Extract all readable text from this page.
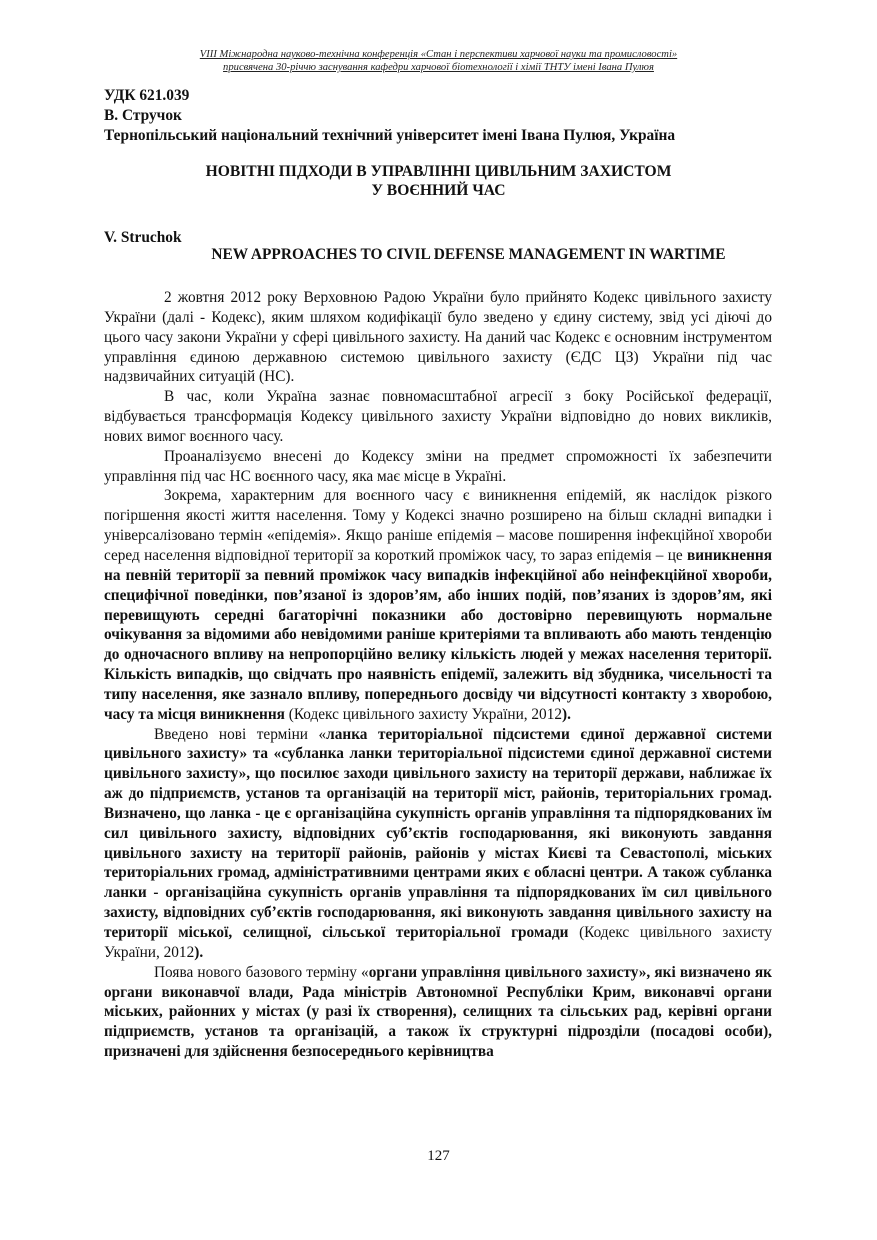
VIII Міжнародна науково-технічна конференція «Стан і перспективи харчової науки та промисловості»
присвячена 30-річчю заснування кафедри харчової біотехнології і хімії ТНТУ імені Івана Пулюя
УДК 621.039
В. Стручок
Тернопільський національний технічний університет імені Івана Пулюя, Україна
НОВІТНІ ПІДХОДИ В УПРАВЛІННІ ЦИВІЛЬНИМ ЗАХИСТОМ
У ВОЄННИЙ ЧАС
V. Struchok
NEW APPROACHES TO CIVIL DEFENSE MANAGEMENT IN WARTIME

2 жовтня 2012 року Верховною Радою України було прийнято Кодекс цивільного захисту України (далі - Кодекс), яким шляхом кодифікації було зведено у єдину систему, звід усі діючі до цього часу закони України у сфері цивільного захисту. На даний час Кодекс є основним інструментом управління єдиною державною системою цивільного захисту (ЄДС ЦЗ) України під час надзвичайних ситуацій (НС).

В час, коли Україна зазнає повномасштабної агресії з боку Російської федерації, відбувається трансформація Кодексу цивільного захисту України відповідно до нових викликів, нових вимог воєнного часу.

Проаналізуємо внесені до Кодексу зміни на предмет спроможності їх забезпечити управління під час НС воєнного часу, яка має місце в Україні.

Зокрема, характерним для воєнного часу є виникнення епідемій, як наслідок різкого погіршення якості життя населення. Тому у Кодексі значно розширено на більш складні випадки і універсалізовано термін «епідемія». Якщо раніше епідемія – масове поширення інфекційної хвороби серед населення відповідної території за короткий проміжок часу, то зараз епідемія – це виникнення на певній території за певний проміжок часу випадків інфекційної або неінфекційної хвороби, специфічної поведінки, пов’язаної із здоров’ям, або інших подій, пов’язаних із здоров’ям, які перевищують середні багаторічні показники або достовірно перевищують нормальне очікування за відомими або невідомими раніше критеріями та впливають або мають тенденцію до одночасного впливу на непропорційно велику кількість людей у межах населення території. Кількість випадків, що свідчать про наявність епідемії, залежить від збудника, чисельності та типу населення, яке зазнало впливу, попереднього досвіду чи відсутності контакту з хворобою, часу та місця виникнення (Кодекс цивільного захисту України, 2012).

Введено нові терміни «ланка територіальної підсистеми єдиної державної системи цивільного захисту» та «субланка ланки територіальної підсистеми єдиної державної системи цивільного захисту», що посилює заходи цивільного захисту на території держави, наближає їх аж до підприємств, установ та організацій на території міст, районів, територіальних громад. Визначено, що ланка - це є організаційна сукупність органів управління та підпорядкованих їм сил цивільного захисту, відповідних суб’єктів господарювання, які виконують завдання цивільного захисту на території районів, районів у містах Києві та Севастополі, міських територіальних громад, адміністративними центрами яких є обласні центри. А також субланка ланки - організаційна сукупність органів управління та підпорядкованих їм сил цивільного захисту, відповідних суб’єктів господарювання, які виконують завдання цивільного захисту на території міської, селищної, сільської територіальної громади (Кодекс цивільного захисту України, 2012).

Поява нового базового терміну «органи управління цивільного захисту», які визначено як органи виконавчої влади, Рада міністрів Автономної Республіки Крим, виконавчі органи міських, районних у містах (у разі їх створення), селищних та сільських рад, керівні органи підприємств, установ та організацій, а також їх структурні підрозділи (посадові особи), призначені для здійснення безпосереднього керівництва

127
